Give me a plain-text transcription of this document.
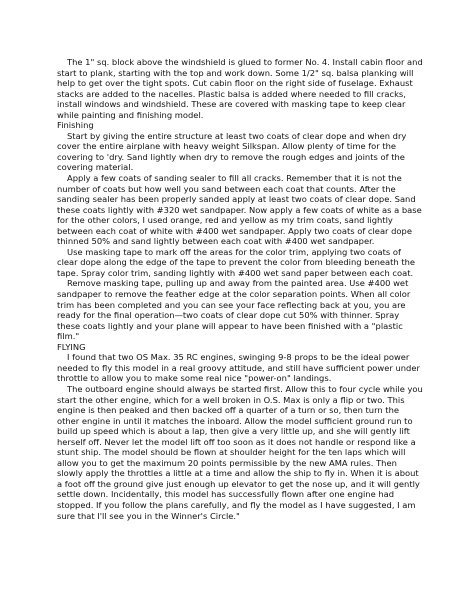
The 1" sq. block above the windshield is glued to former No. 4. Install cabin floor and start to plank, starting with the top and work down. Some 1/2" sq. balsa planking will help to get over the tight spots. Cut cabin floor on the right side of fuselage. Exhaust stacks are added to the nacelles. Plastic balsa is added where needed to fill cracks, install windows and windshield. These are covered with masking tape to keep clear while painting and finishing model.

Finishing

Start by giving the entire structure at least two coats of clear dope and when dry cover the entire airplane with heavy weight Silkspan. Allow plenty of time for the covering to 'dry. Sand lightly when dry to remove the rough edges and joints of the covering material.

Apply a few coats of sanding sealer to fill all cracks. Remember that it is not the number of coats but how well you sand between each coat that counts. After the sanding sealer has been properly sanded apply at least two coats of clear dope. Sand these coats lightly with #320 wet sandpaper. Now apply a few coats of white as a base for the other colors, I used orange, red and yellow as my trim coats, sand lightly between each coat of white with #400 wet sandpaper. Apply two coats of clear dope thinned 50% and sand lightly between each coat with #400 wet sandpaper.

Use masking tape to mark off the areas for the color trim, applying two coats of clear dope along the edge of the tape to prevent the color from bleeding beneath the tape. Spray color trim, sanding lightly with #400 wet sand paper between each coat.

Remove masking tape, pulling up and away from the painted area. Use #400 wet sandpaper to remove the feather edge at the color separation points. When all color trim has been completed and you can see your face reflecting back at you, you are ready for the final operation—two coats of clear dope cut 50% with thinner. Spray these coats lightly and your plane will appear to have been finished with a "plastic film."

FLYING

I found that two OS Max. 35 RC engines, swinging 9-8 props to be the ideal power needed to fly this model in a real groovy attitude, and still have sufficient power under throttle to allow you to make some real nice "power-on" landings.

The outboard engine should always be started first. Allow this to four cycle while you start the other engine, which for a well broken in O.S. Max is only a flip or two. This engine is then peaked and then backed off a quarter of a turn or so, then turn the other engine in until it matches the inboard. Allow the model sufficient ground run to build up speed which is about a lap, then give a very little up, and she will gently lift herself off. Never let the model lift off too soon as it does not handle or respond like a stunt ship. The model should be flown at shoulder height for the ten laps which will allow you to get the maximum 20 points permissible by the new AMA rules. Then slowly apply the throttles a little at a time and allow the ship to fly in. When it is about a foot off the ground give just enough up elevator to get the nose up, and it will gently settle down. Incidentally, this model has successfully flown after one engine had stopped. If you follow the plans carefully, and fly the model as I have suggested, I am sure that I'll see you in the Winner's Circle."
